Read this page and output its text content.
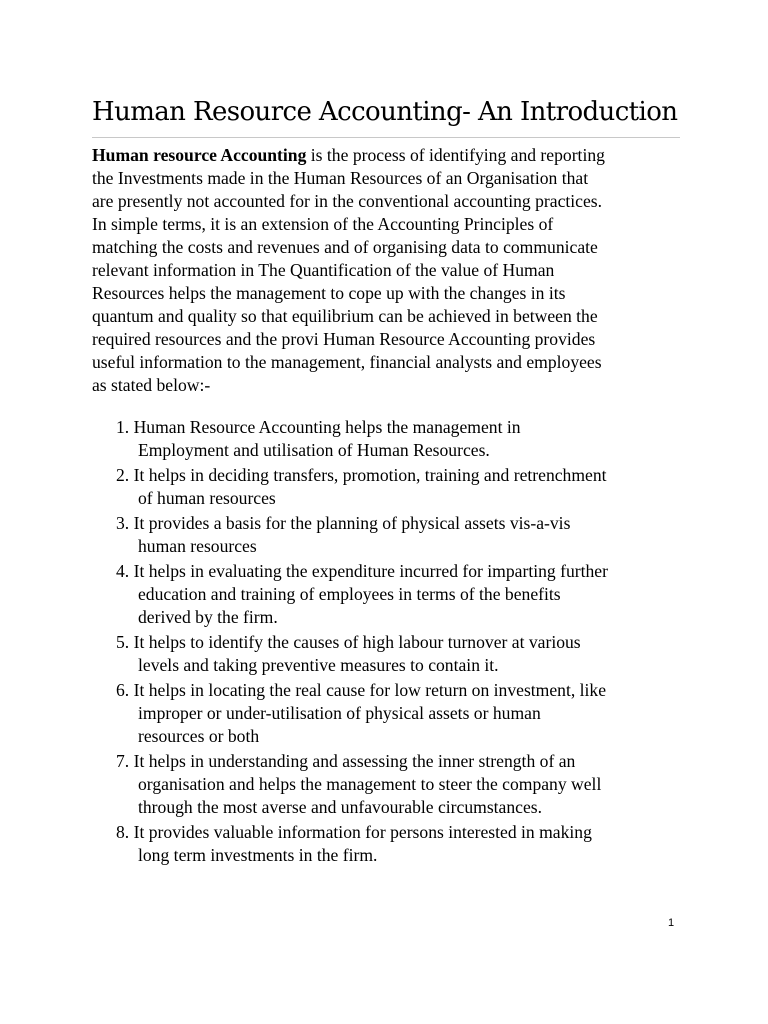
Human Resource Accounting- An Introduction
Human resource Accounting is the process of identifying and reporting
the Investments made in the Human Resources of an Organisation that
are presently not accounted for in the conventional accounting practices.
In simple terms, it is an extension of the Accounting Principles of
matching the costs and revenues and of organising data to communicate
relevant information in The Quantification of the value of Human
Resources helps the management to cope up with the changes in its
quantum and quality so that equilibrium can be achieved in between the
required resources and the provi Human Resource Accounting provides
useful information to the management, financial analysts and employees
as stated below:-
1. Human Resource Accounting helps the management in
Employment and utilisation of Human Resources.
2. It helps in deciding transfers, promotion, training and retrenchment
of human resources
3. It provides a basis for the planning of physical assets vis-a-vis
human resources
4. It helps in evaluating the expenditure incurred for imparting further
education and training of employees in terms of the benefits
derived by the firm.
5. It helps to identify the causes of high labour turnover at various
levels and taking preventive measures to contain it.
6. It helps in locating the real cause for low return on investment, like
improper or under-utilisation of physical assets or human
resources or both
7. It helps in understanding and assessing the inner strength of an
organisation and helps the management to steer the company well
through the most averse and unfavourable circumstances.
8. It provides valuable information for persons interested in making
long term investments in the firm.
1
